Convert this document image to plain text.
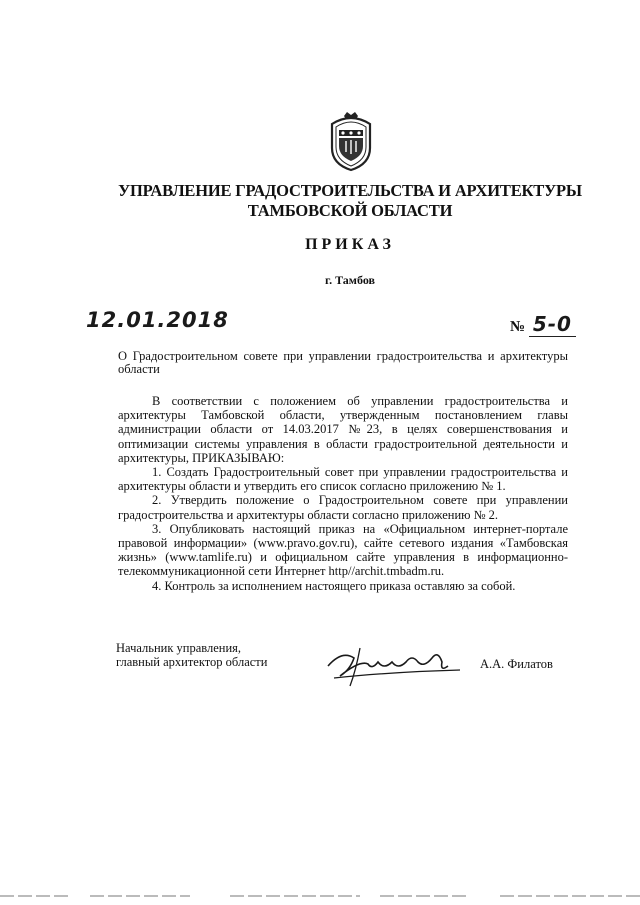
УПРАВЛЕНИЕ ГРАДОСТРОИТЕЛЬСТВА И АРХИТЕКТУРЫ
ТАМБОВСКОЙ ОБЛАСТИ
ПРИКАЗ
г. Тамбов
12.01.2018	№ 5-0
О Градостроительном совете при управлении градостроительства и архитектуры области

В соответствии с положением об управлении градостроительства и архитектуры Тамбовской области, утвержденным постановлением главы администрации области от 14.03.2017 №23, в целях совершенствования и оптимизации системы управления в области градостроительной деятельности и архитектуры, ПРИКАЗЫВАЮ:

1. Создать Градостроительный совет при управлении градостроительства и архитектуры области и утвердить его список согласно приложению № 1.

2. Утвердить положение о Градостроительном совете при управлении градостроительства и архитектуры области согласно приложению № 2.

3. Опубликовать настоящий приказ на «Официальном интернет-портале правовой информации» (www.pravo.gov.ru), сайте сетевого издания «Тамбовская жизнь» (www.tamlife.ru) и официальном сайте управления в информационно-телекоммуникационной сети Интернет http//archit.tmbadm.ru.

4. Контроль за исполнением настоящего приказа оставляю за собой.

Начальник управления,
главный архитектор области	А.А. Филатов
